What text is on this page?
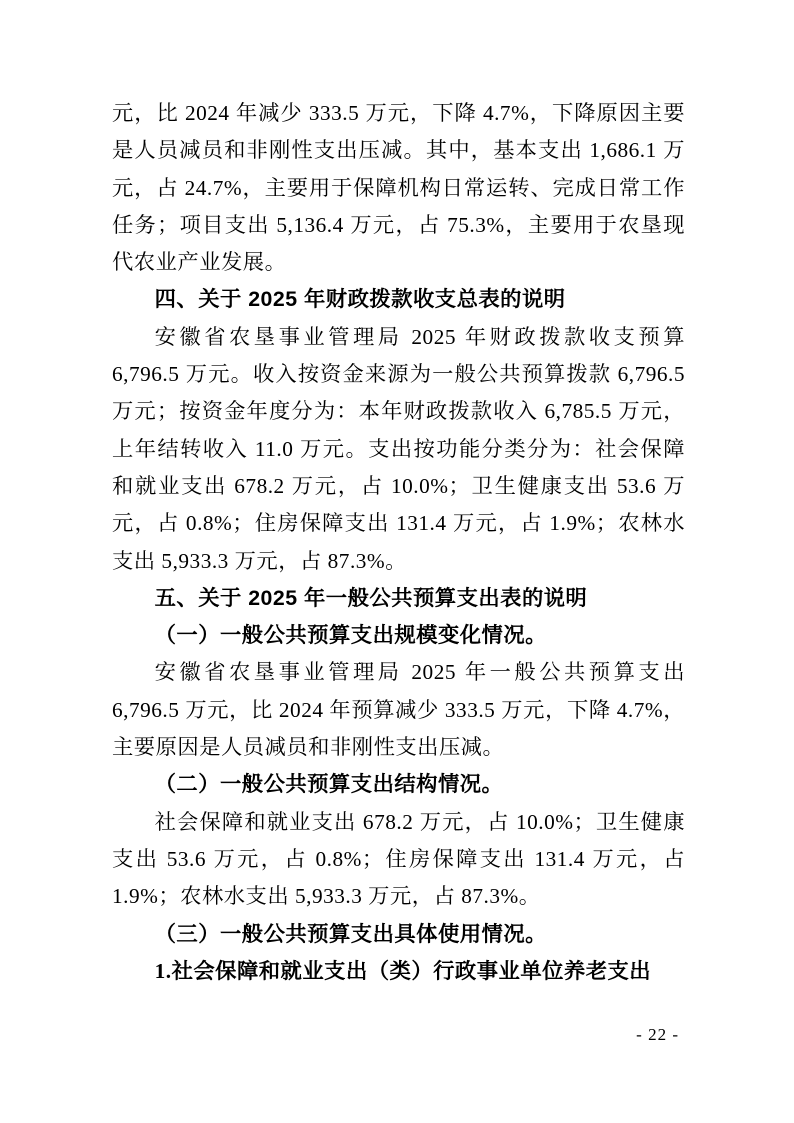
元，比 2024 年减少 333.5 万元，下降 4.7%，下降原因主要是人员减员和非刚性支出压减。其中，基本支出 1,686.1 万元，占 24.7%，主要用于保障机构日常运转、完成日常工作任务；项目支出 5,136.4 万元，占 75.3%，主要用于农垦现代农业产业发展。

四、关于 2025 年财政拨款收支总表的说明

安徽省农垦事业管理局 2025 年财政拨款收支预算 6,796.5 万元。收入按资金来源为一般公共预算拨款 6,796.5 万元；按资金年度分为：本年财政拨款收入 6,785.5 万元，上年结转收入 11.0 万元。支出按功能分类分为：社会保障和就业支出 678.2 万元，占 10.0%；卫生健康支出 53.6 万元，占 0.8%；住房保障支出 131.4 万元，占 1.9%；农林水支出 5,933.3 万元，占 87.3%。

五、关于 2025 年一般公共预算支出表的说明

（一）一般公共预算支出规模变化情况。

安徽省农垦事业管理局 2025 年一般公共预算支出 6,796.5 万元，比 2024 年预算减少 333.5 万元，下降 4.7%，主要原因是人员减员和非刚性支出压减。

（二）一般公共预算支出结构情况。

社会保障和就业支出 678.2 万元，占 10.0%；卫生健康支出 53.6 万元，占 0.8%；住房保障支出 131.4 万元，占 1.9%；农林水支出 5,933.3 万元，占 87.3%。

（三）一般公共预算支出具体使用情况。

1.社会保障和就业支出（类）行政事业单位养老支出

- 22 -
